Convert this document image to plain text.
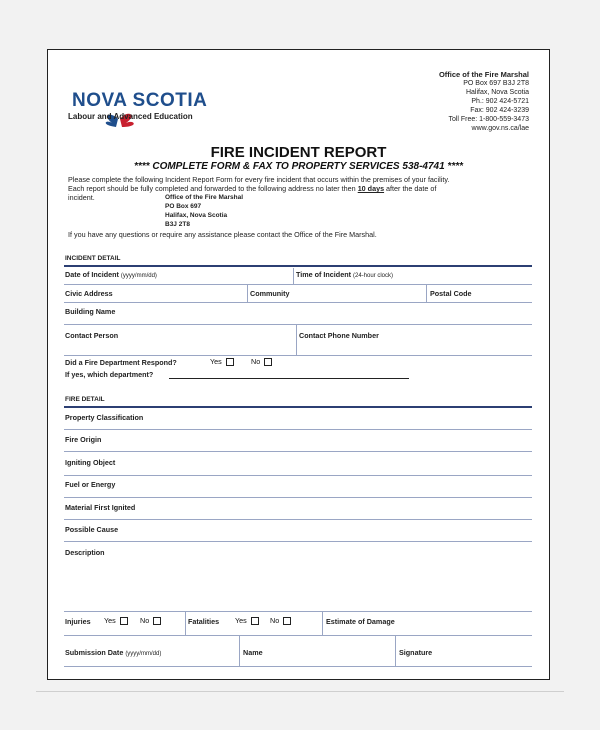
NOVA SCOTIA
Labour and Advanced Education
Office of the Fire Marshal
PO Box 697 B3J 2T8
Halifax, Nova Scotia
Ph.: 902 424-5721
Fax: 902 424-3239
Toll Free: 1-800-559-3473
www.gov.ns.ca/lae
FIRE INCIDENT REPORT
**** COMPLETE FORM & FAX TO PROPERTY SERVICES 538-4741 ****
Please complete the following Incident Report Form for every fire incident that occurs within the premises of your facility.
Each report should be fully completed and forwarded to the following address no later then 10 days after the date of
incident.	Office of the Fire Marshal
PO Box 697
Halifax, Nova Scotia
B3J 2T8
If you have any questions or require any assistance please contact the Office of the Fire Marshal.
INCIDENT DETAIL
Date of Incident (yyyy/mm/dd)	Time of Incident (24-hour clock)
Civic Address	Community	Postal Code
Building Name
Contact Person	Contact Phone Number
Did a Fire Department Respond?	Yes	No
If yes, which department?
FIRE DETAIL
Property Classification
Fire Origin
Igniting Object
Fuel or Energy
Material First Ignited
Possible Cause
Description
Injuries Yes	No	Fatalities Yes	No	Estimate of Damage
Submission Date (yyyy/mm/dd)	Name	Signature
